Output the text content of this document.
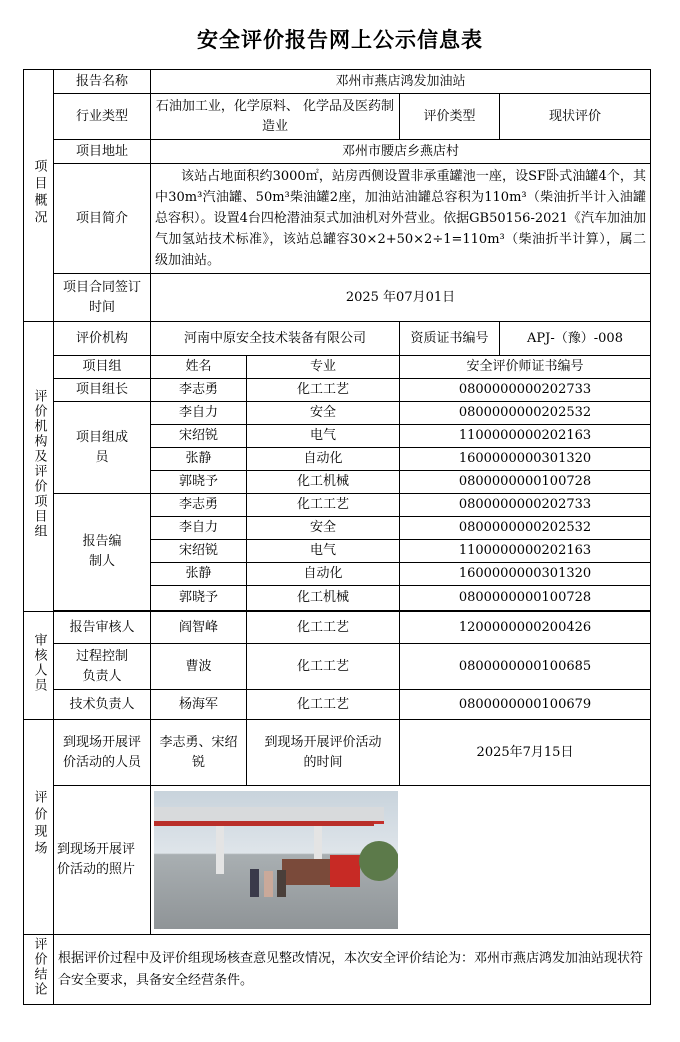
安全评价报告网上公示信息表
项目概况	报告名称	邓州市燕店鸿发加油站			
	行业类型	石油加工业，化学原料、 化学品及医药制造业		评价类型	现状评价
	项目地址	邓州市腰店乡燕店村			
	项目简介	该站占地面积约3000㎡，站房西侧设置非承重罐池一座，设SF卧式油罐4个，其中30m³汽油罐、50m³柴油罐2座，加油站油罐总容积为110m³（柴油折半计入油罐总容积）。设置4台四枪潜油泵式加油机对外营业。依据GB50156-2021《汽车加油加气加氢站技术标准》，该站总罐容30×2+50×2÷1=110m³（柴油折半计算），属二级加油站。			
	项目合同签订时间	2025 年07月01日			
评价机构及评价项目组	评价机构	河南中原安全技术装备有限公司		资质证书编号	APJ-（豫）-008
	项目组	姓名	专业	安全评价师证书编号	
	项目组长	李志勇	化工工艺	0800000000202733	
	项目组成员	李自力	安全	0800000000202532	
		宋绍锐	电气	1100000000202163	
		张静	自动化	1600000000301320	
		郭晓予	化工机械	0800000000100728	
	报告编制人	李志勇	化工工艺	0800000000202733	
		李自力	安全	0800000000202532	
		宋绍锐	电气	1100000000202163	
		张静	自动化	1600000000301320	
		郭晓予	化工机械	0800000000100728	

审核人员	报告审核人	阎智峰	化工工艺	1200000000200426	
	过程控制负责人	曹波	化工工艺	0800000000100685	
	技术负责人	杨海军	化工工艺	0800000000100679	
评价现场	到现场开展评价活动的人员	李志勇、宋绍锐	到现场开展评价活动的时间	2025年7月15日	
	到现场开展评价活动的照片				

评价结论	根据评价过程中及评价组现场核查意见整改情况，本次安全评价结论为：邓州市燕店鸿发加油站现状符合安全要求，具备安全经营条件。				
